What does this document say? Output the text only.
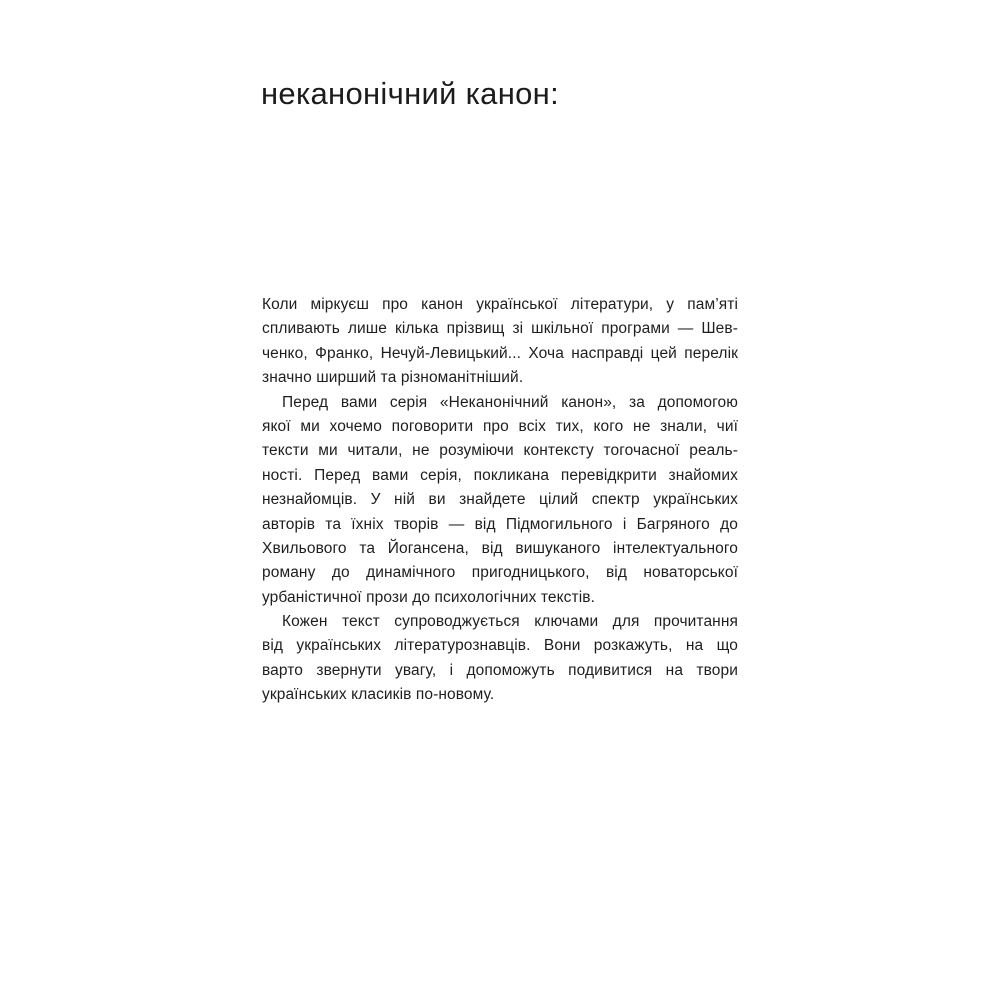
неканонічний канон:
Коли міркуєш про канон української літератури, у пам’яті
спливають лише кілька прізвищ зі шкільної програми — Шев-
ченко, Франко, Нечуй-Левицький... Хоча насправді цей перелік
значно ширший та різноманітніший.
Перед вами серія «Неканонічний канон», за допомогою
якої ми хочемо поговорити про всіх тих, кого не знали, чиї
тексти ми читали, не розуміючи контексту тогочасної реаль-
ності. Перед вами серія, покликана перевідкрити знайомих
незнайомців. У ній ви знайдете цілий спектр українських
авторів та їхніх творів — від Підмогильного і Багряного до
Хвильового та Йогансена, від вишуканого інтелектуального
роману до динамічного пригодницького, від новаторської
урбаністичної прози до психологічних текстів.
Кожен текст супроводжується ключами для прочитання
від українських літературознавців. Вони розкажуть, на що
варто звернути увагу, і допоможуть подивитися на твори
українських класиків по-новому.
